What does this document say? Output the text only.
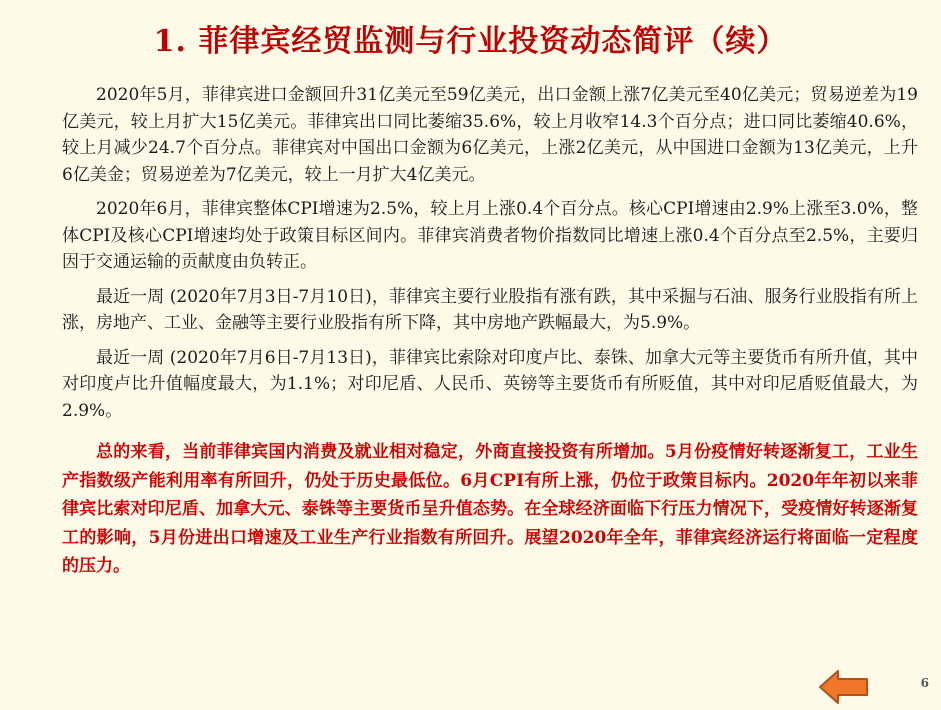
1. 菲律宾经贸监测与行业投资动态简评（续）

2020年5月，菲律宾进口金额回升31亿美元至59亿美元，出口金额上涨7亿美元至40亿美元；贸易逆差为19亿美元，较上月扩大15亿美元。菲律宾出口同比萎缩35.6%，较上月收窄14.3个百分点；进口同比萎缩40.6%，较上月减少24.7个百分点。菲律宾对中国出口金额为6亿美元，上涨2亿美元，从中国进口金额为13亿美元，上升6亿美金；贸易逆差为7亿美元，较上一月扩大4亿美元。

2020年6月，菲律宾整体CPI增速为2.5%，较上月上涨0.4个百分点。核心CPI增速由2.9%上涨至3.0%，整体CPI及核心CPI增速均处于政策目标区间内。菲律宾消费者物价指数同比增速上涨0.4个百分点至2.5%，主要归因于交通运输的贡献度由负转正。

最近一周 (2020年7月3日-7月10日)，菲律宾主要行业股指有涨有跌，其中采掘与石油、服务行业股指有所上涨，房地产、工业、金融等主要行业股指有所下降，其中房地产跌幅最大，为5.9%。

最近一周 (2020年7月6日-7月13日)，菲律宾比索除对印度卢比、泰铢、加拿大元等主要货币有所升值，其中对印度卢比升值幅度最大，为1.1%；对印尼盾、人民币、英镑等主要货币有所贬值，其中对印尼盾贬值最大，为2.9%。

总的来看，当前菲律宾国内消费及就业相对稳定，外商直接投资有所增加。5月份疫情好转逐渐复工，工业生产指数级产能利用率有所回升，仍处于历史最低位。6月CPI有所上涨，仍位于政策目标内。2020年年初以来菲律宾比索对印尼盾、加拿大元、泰铢等主要货币呈升值态势。在全球经济面临下行压力情况下，受疫情好转逐渐复工的影响，5月份进出口增速及工业生产行业指数有所回升。展望2020年全年，菲律宾经济运行将面临一定程度的压力。

6
